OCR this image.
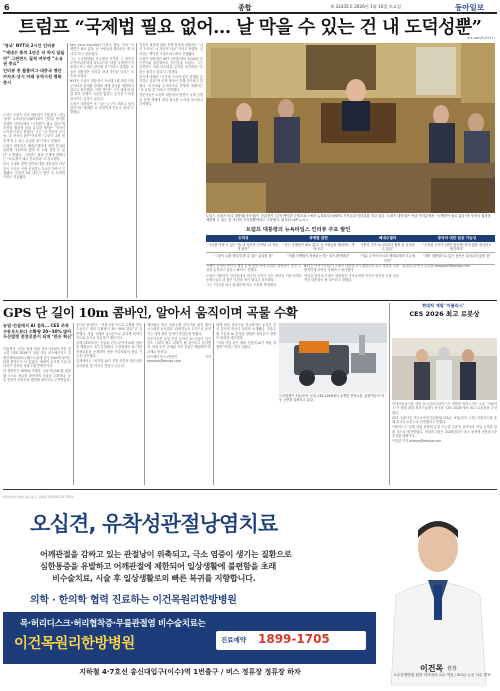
6	종합	제 33435호 2026년 1월 10일 토요일	동아일보
트럼프 “국제법 필요 없어… 날 막을 수 있는 건 내 도덕성뿐”
(trp.pwh/fn/2011)
‘영국’ NYT와 2시간 인터뷰
“세네수 통치 1년은 더 하지 않을까” 그린란드 질적 여부엔 “소유권 중요”
인터뷰 중 블룸버그·대중국 명단 카자흐·상시 미래 공역시전 평화 중시

도널드 트럼프 미국 대통령이 7일(현지 시간) ‘굉장’ 뉴욕타임스(NYT)와의 인터뷰 양식을 진행한 인터뷰에서 “국제법이 필요 없다”며 자신의 권한에 대한 유일한 제약은 ‘자신의 도덕성’이라고 밝혔다. 그는 “나 자신의 도덕성, 나 자신의 판단”이라며 “그것이 나를 멈추게 할 수 있는 유일한 것”이라고 말했다.

트럼프 대통령은 베네수엘라에 대한 통치와 관련해 “1년보다 훨씬 더 오래 걸릴 수 있다”고 밝혔다. 그린란드 확보 문제에 대해서는 “소유권이 매우 중요하다”고 강조했다.

미국 국내외 정책 전반에 대한 대통령의 자신감이 드러난 이번 인터뷰는 2시간 가까이 진행됐다. 블룸버그와 대중국 명단 등 다양한 사안도 언급됐다.

tary your morality)”이라고 했다. 이어 “국제법은 필요 없다. 난 사람들을 해치려는 게 아니다”라고 덧붙였다.

그는 “(국제법을) 준수해야 하지만 그 정의가 무엇이냐에 따라 다르다”며 “어떤 국제법이 적용되는지는 내가 판단할 것”이라고 말했다. 트럼프 대통령은 인터뷰 내내 자신감 넘치는 모습을 보였다.

NYT는 트럼프 대통령이 지난해 1월 취임 이후 군사력과 관세를 앞세워 세계 질서를 재편하고 있다고 평가했다. 이번 발언은 그의 권한에 대한 외부 견제가 사실상 없다는 인식을 드러낸 것이라는 분석이 나온다.

트럼프 대통령은 또 “나는 누구도 해치고 싶지 않다”며 “세계를 더 안전하게 만들고 싶다”고 밝혔다.

자신의 권한에 대한 견제 장치에 대해서는 “나의 도덕성, 나 자신의 마음”이라고 답했다. 인터뷰는 백악관 오벌오피스에서 진행됐다.

트럼프 대통령은 NYT 인터뷰에서 2026년 중간선거와 관련해서도 자신감을 보였다. 그는 공화당이 의회 다수당을 유지할 것이라며 “우리는 잘하고 있다”고 말했다.

중국에 대해선 “시진핑 주석과 좋은 관계를 유지하고 있다”며 무역 협상이 진행 중이라고 밝혔다. 러시아와 우크라이나 전쟁에 대해서는 “곧 끝날 것”이라고 전망했다.

전문가들은 트럼프 대통령의 발언이 국제 규범과 동맹 체제에 대한 경시를 드러낸 것이라고 지적했다.

도널드 트럼프 미국 대통령(가운데)이 7일(현지 시간) 백악관 오벌오피스에서 뉴욕타임스(NYT) 기자들과 인터뷰를 하고 있다. 트럼프 대통령은 이날 인터뷰에서 “국제법이 필요 없다”며 자신의 권한을 제한할 수 있는 건 자신의 도덕성뿐이라고 주장했다. 워싱턴=AP 뉴시스
트럼프 대통령의 뉴욕타임스 인터뷰 주요 발언
도덕성	국제법 관련	베네수엘라	중국의 대만 침공 가능성
“(나를 막을 수 있는 건) 나 자신의 도덕성, 나 자신의 판단”	“나는 국제법이 필요 없다. 난 사람들을 해치려는 게 아니다”	“(통치 기간이) 1년보다 훨씬 더 길어질 수 있다”	“시진핑 주석이 (대만 침공을) 하지 않을 것이라고 생각한다”
“그것이 나를 멈추게 할 수 있는 유일한 것”	“어떤 국제법이 적용되는지는 내가 판단한다”	“석유 수익이 미국과 베네수엘라 모두에 이익”	“내가 대통령으로 있는 동안은 일어나지 않을 것”

스페인 등에서 연이어 해외 분쟁 발발 속에 트럼프 대통령이 강경 노선을 유지하고 있다고 NYT는 전했다.

트럼프 대통령은 인터뷰에서 미국의 국익이 모든 판단의 기준이라며 동맹국들도 더 많은 부담을 져야 한다고 강조했다.

그는 “미국을 다시 위대하게”라는 구호를 반복했다.

NYT는 이번 인터뷰가 트럼프 대통령 2기 행정부의 외교 철학을 가장 솔직하게 보여준 사례라고 평가했다.

인터뷰 말미에 트럼프 대통령은 기자들에게 자신이 역사상 가장 성공적인 대통령이 될 것이라고 말했다.

워싱턴=문병기 특파원 weappon@donga.com

GPS 단 길이 10m 콤바인, 알아서 움직이며 곡물 수확
농업-건설에서 AI 접목… CES 주목
수동모드보다 수확량 20~30% 많아
두산밥캣 전장로봇이 되게 ‘반응 혁신’

7일(현지 시간) 세계 최대 정보기술(IT)·가전 전시회 ‘CES 2026’이 열린 미국 라스베이거스 컨벤션센터(LVCC) 웨스트홀에 길이 10m에 달하는 대형 콤바인이 서 있었다. 세계적 농기계 기업 존디어가 선보인 자율주행 콤바인이다.

이 콤바인은 GPS와 카메라, 인공지능(AI)을 활용해 스스로 경로를 판단하며 곡물을 수확한다. 농업 현장의 인력난을 해결할 대안으로 주목받았다.

존디어 관계자는 “자율주행 모드로 수확할 경우 수동모드 대비 수확량이 20~30% 많다”고 설명했다. 작물 상태를 실시간으로 분석해 최적의 속도와 높이로 작동하기 때문이다.

올해 CES에서는 농업과 건설 분야에 AI를 접목한 제품들이 대거 등장했다. 두산밥캣은 AI 기반 전장로봇을 공개하며 현장 작업자와의 협업 기능을 강조했다.

업계에서는 “피지컬 AI가 전통 산업의 생산성을 끌어올릴 것”이라는 전망이 나온다.

캐터필러 역시 자율주행 굴착기와 원격 제어 시스템을 선보였다. 관람객들은 무인으로 움직이는 대형 장비 앞에서 발걸음을 멈췄다.

전문가들은 농업·건설 분야의 AI 도입이 인구 감소 시대의 필수 과제가 될 것이라고 분석했다. 다만 안전 규제와 가격 부담은 해결해야 할 과제로 꼽힌다.

라스베이거스=박현익 기자 beepark@donga.com

세계 최대 정보기술 전시회에서 농업과 건설 분야의 혁신이 잇따라 소개됐다. 자율주행 기술과 AI 분석을 결합한 장비들이 현장의 변화를 예고했다.

“저희 기업 같은 제조 기업에 AI가 핵심 경쟁력”이라는 말이 나왔다.

두산밥캣이 7일(현지 시간) CES 2026에서 공개한 전장로봇. 관람객들이 작동 시연을 살펴보고 있다.
현대차 계열 ‘아틀라스’
CES 2026 최고 로봇상

현대자동차그룹 산하 보스턴다이내믹스가 개발한 휴머노이드 로봇 ‘아틀라스’가 세계 최대 정보기술(IT) 전시회 ‘CES 2026’에서 최고 로봇상을 수상했다.

CES 주관사인 미국소비자기술협회(CTA)는 9일(현지 시간) 아틀라스를 올해 최고의 로봇으로 선정했다고 밝혔다.

아틀라스는 실제 산업 현장에 투입 가능한 수준의 움직임과 작업 능력을 갖춘 것으로 평가받았다. 현대차그룹은 2028년부터 미국 공장에 아틀라스를 투입할 계획이다.

이한결 기자 always@donga.com

대한한의사협회 의료광고 심의필 제25010-8-735호
오십견, 유착성관절낭염치료
어깨관절을 감싸고 있는 관절낭이 위축되고, 극소 염증이 생기는 질환으로
심한통증을 유발하고 어깨관절에 제한되어 일상생활에 불편함을 초래
비수술치료, 시술 후 일상생활로의 빠른 복귀를 지향합니다.
의학 · 한의학 협력 진료하는 이건목원리한방병원
이건목 원장
오수한방병원 원장 의과대학 교수 역임 / SCI급 논문 다수 발표
목·허리디스크·허리협착증·무릎관절염 비수술치료는
이건목원리한방병원	진료예약 1899-1705
지하철 4·7호선 총신대입구(이수)역 1번출구 / 버스 정류장 정류장 하차
